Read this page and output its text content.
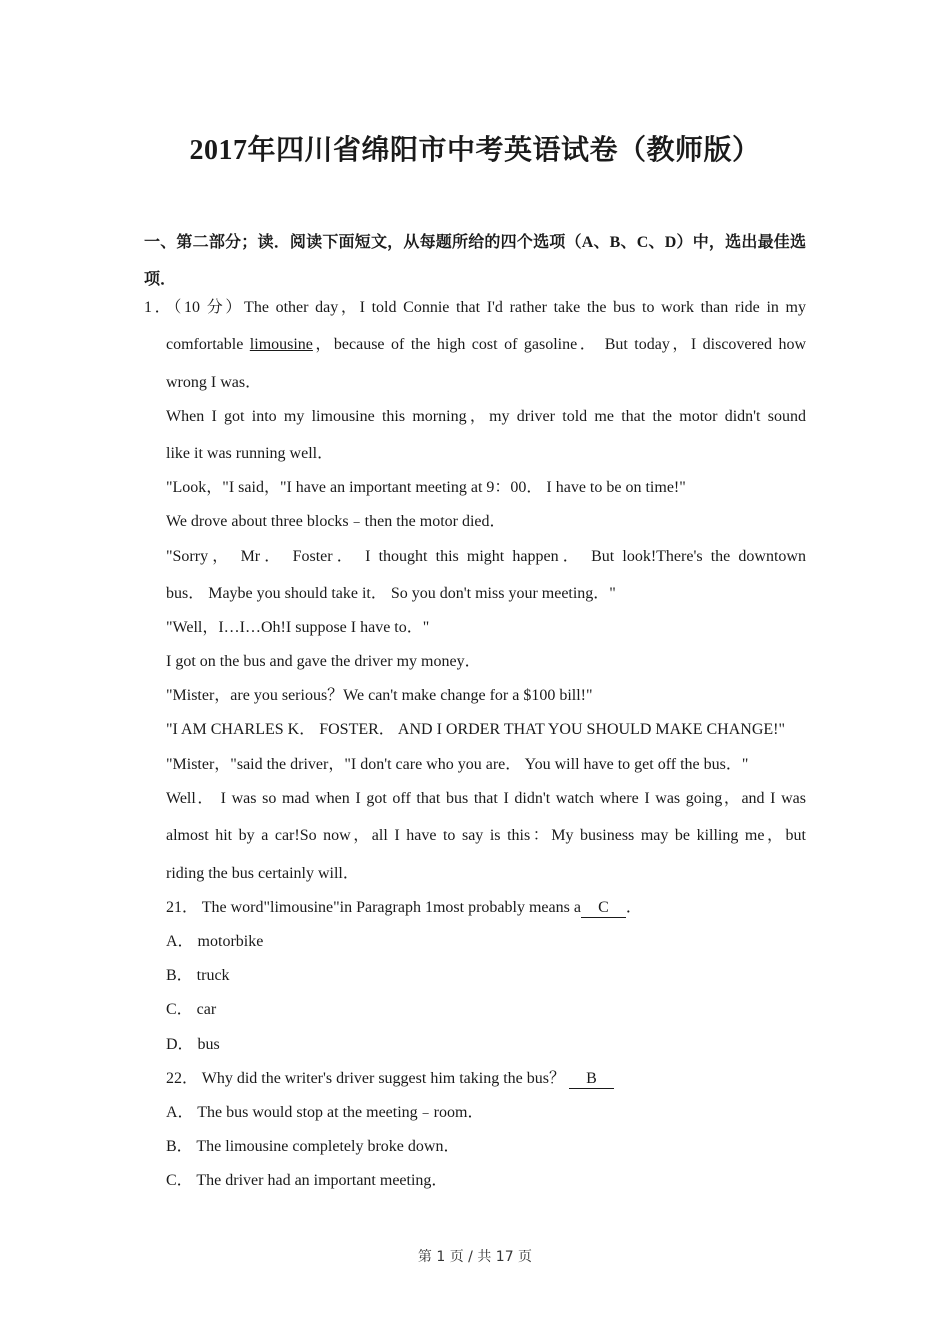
2017年四川省绵阳市中考英语试卷（教师版）
一、第二部分；读．阅读下面短文，从每题所给的四个选项（A、B、C、D）中，选出最佳选项．
1．（10 分）The other day，I told Connie that I'd rather take the bus to work than ride in my
comfortable limousine，because of the high cost of gasoline． But today，I discovered how
wrong I was．
When I got into my limousine this morning，my driver told me that the motor didn't sound
like it was running well．
"Look，"I said，"I have an important meeting at 9：00． I have to be on time!"
We drove about three blocks﹣then the motor died．
"Sorry， Mr． Foster． I thought this might happen． But look!There's the downtown
bus． Maybe you should take it． So you don't miss your meeting．"
"Well，I…I…Oh!I suppose I have to．"
I got on the bus and gave the driver my money．
"Mister，are you serious？We can't make change for a $100 bill!"
"I AM CHARLES K． FOSTER． AND I ORDER THAT YOU SHOULD MAKE CHANGE!"
"Mister，"said the driver，"I don't care who you are． You will have to get off the bus．"
Well． I was so mad when I got off that bus that I didn't watch where I was going，and I was
almost hit by a car!So now，all I have to say is this：My business may be killing me，but
riding the bus certainly will．
21． The word"limousine"in Paragraph 1most probably means a C ．
A． motorbike
B． truck
C． car
D． bus
22． Why did the writer's driver suggest him taking the bus？ B
A． The bus would stop at the meeting﹣room．
B． The limousine completely broke down．
C． The driver had an important meeting．
第 1 页 / 共 17 页
